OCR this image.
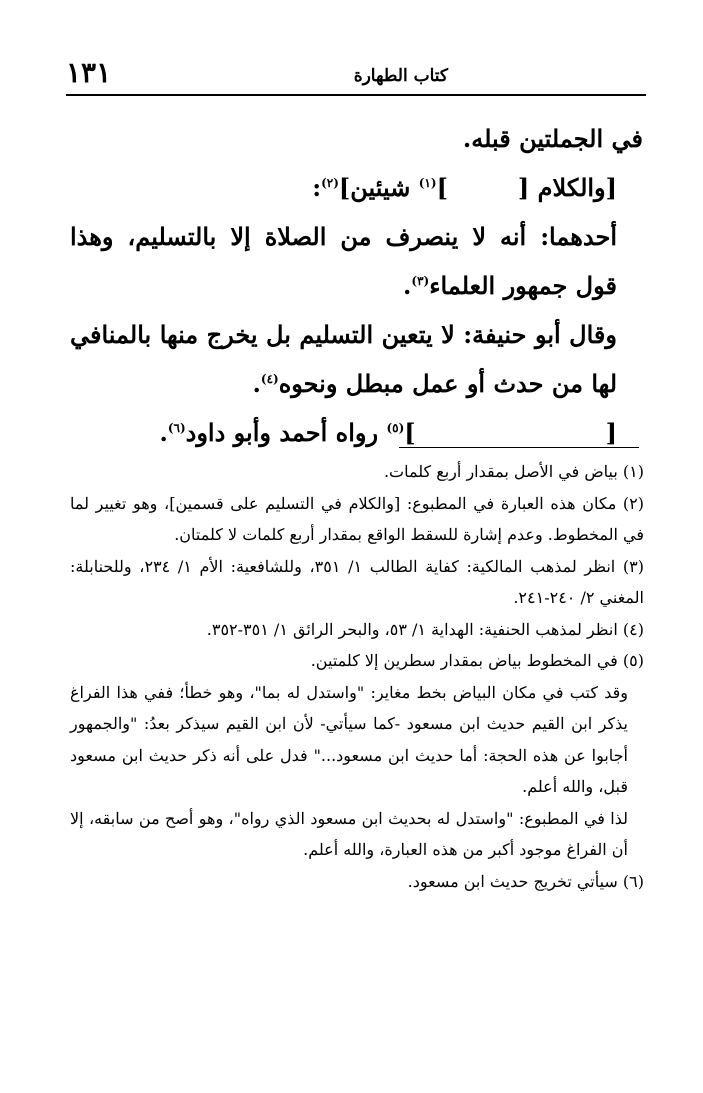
كتاب الطهارة
١٣١

في الجملتين قبله.

[والكلام []$^{(١)}$ شيئين]$^{(٢)}$:

أحدهما: أنه لا ينصرف من الصلاة إلا بالتسليم، وهذا قول جمهور العلماء$^{(٣)}$.

وقال أبو حنيفة: لا يتعين التسليم بل يخرج منها بالمنافي لها من حدث أو عمل مبطل ونحوه$^{(٤)}$.

[]$^{(٥)}$ رواه أحمد وأبو داود$^{(٦)}$.

(١) بياض في الأصل بمقدار أربع كلمات.

(٢) مكان هذه العبارة في المطبوع: [والكلام في التسليم على قسمين]، وهو تغيير لما في المخطوط. وعدم إشارة للسقط الواقع بمقدار أربع كلمات لا كلمتان.

(٣) انظر لمذهب المالكية: كفاية الطالب ١/ ٣٥١، وللشافعية: الأم ١/ ٢٣٤، وللحنابلة: المغني ٢/ ٢٤٠-٢٤١.

(٤) انظر لمذهب الحنفية: الهداية ١/ ٥٣، والبحر الرائق ١/ ٣٥١-٣٥٢.

(٥) في المخطوط بياض بمقدار سطرين إلا كلمتين.

وقد كتب في مكان البياض بخط مغاير: "واستدل له بما"، وهو خطأ؛ ففي هذا الفراغ يذكر ابن القيم حديث ابن مسعود -كما سيأتي- لأن ابن القيم سيذكر بعدُ: "والجمهور أجابوا عن هذه الحجة: أما حديث ابن مسعود..." فدل على أنه ذكر حديث ابن مسعود قبل، والله أعلم.

لذا في المطبوع: "واستدل له بحديث ابن مسعود الذي رواه"، وهو أصح من سابقه، إلا أن الفراغ موجود أكبر من هذه العبارة، والله أعلم.

(٦) سيأتي تخريج حديث ابن مسعود.
